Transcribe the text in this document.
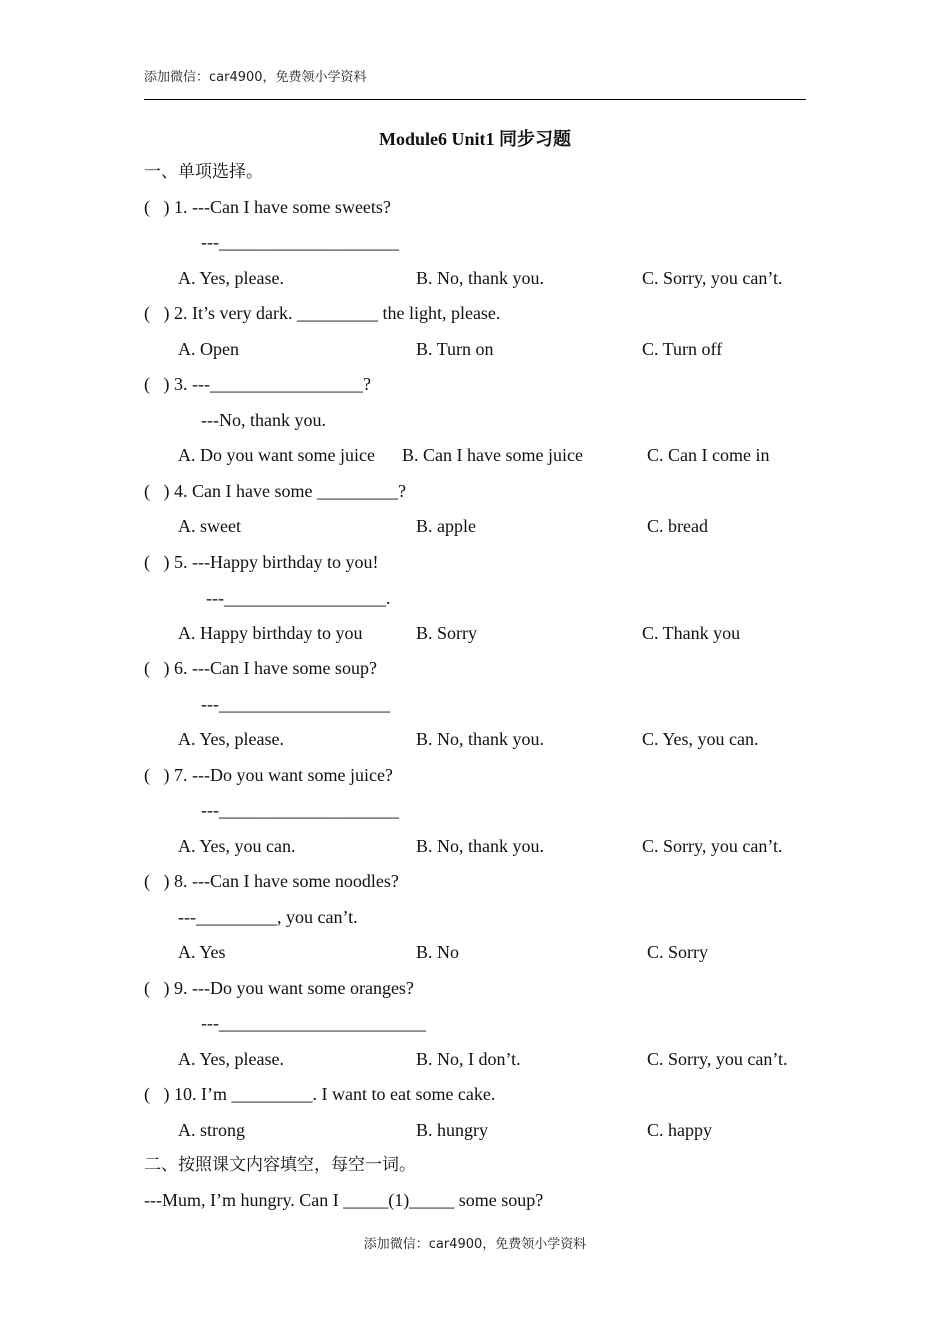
添加微信：car4900，免费领小学资料
Module6 Unit1 同步习题
一、单项选择。
(   ) 1. ---Can I have some sweets?
---____________________
A. Yes, please.	B. No, thank you.	C. Sorry, you can’t.
(   ) 2. It’s very dark. _________ the light, please.
A. Open	B. Turn on	C. Turn off
(   ) 3. ---_________________?
---No, thank you.
A. Do you want some juice B. Can I have some juice	C. Can I come in
(   ) 4. Can I have some _________?
A. sweet	B. apple	C. bread
(   ) 5. ---Happy birthday to you!
---__________________.
A. Happy birthday to you	B. Sorry	C. Thank you
(   ) 6. ---Can I have some soup?
---___________________
A. Yes, please.	B. No, thank you.	C. Yes, you can.
(   ) 7. ---Do you want some juice?
---____________________
A. Yes, you can.	B. No, thank you.	C. Sorry, you can’t.
(   ) 8. ---Can I have some noodles?
---_________, you can’t.
A. Yes	B. No	C. Sorry
(   ) 9. ---Do you want some oranges?
---_______________________
A. Yes, please.	B. No, I don’t.	C. Sorry, you can’t.
(   ) 10. I’m _________. I want to eat some cake.
A. strong	B. hungry	C. happy
二、按照课文内容填空，每空一词。
---Mum, I’m hungry. Can I _____(1)_____ some soup?
添加微信：car4900，免费领小学资料
